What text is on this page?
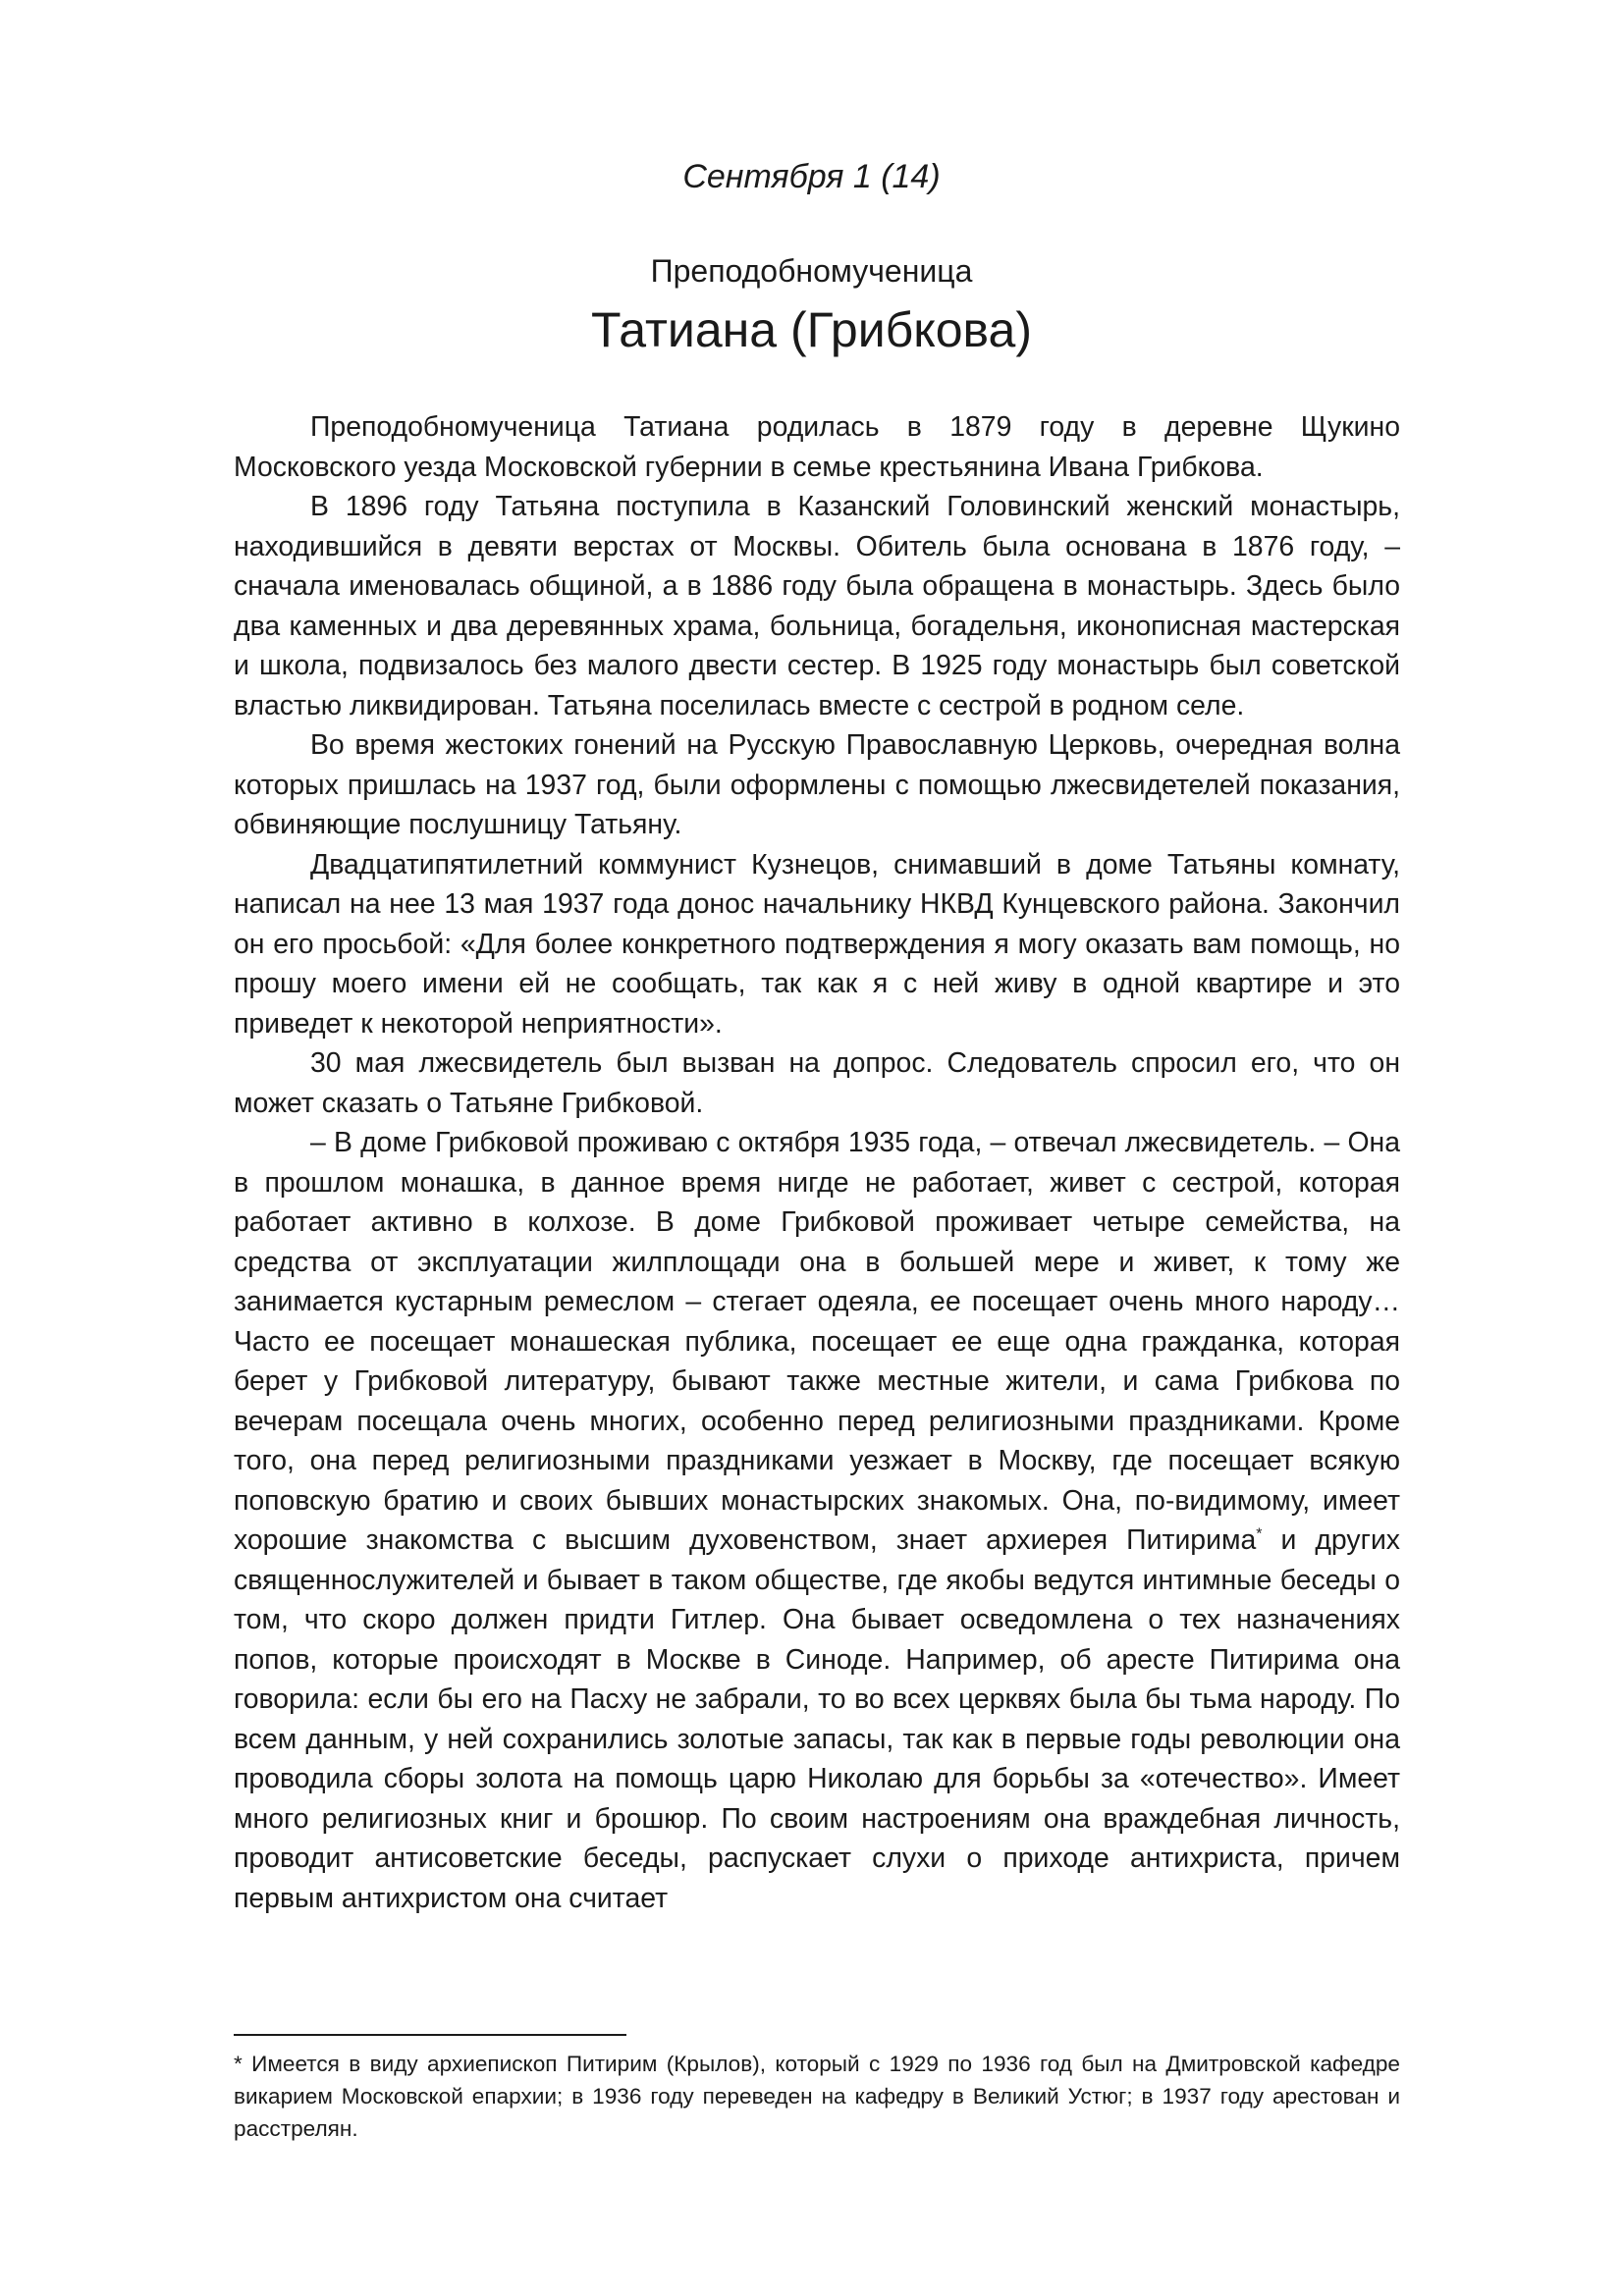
Сентября 1 (14)

Преподобномученица

Татиана (Грибкова)

Преподобномученица Татиана родилась в 1879 году в деревне Щукино Московского уезда Московской губернии в семье крестьянина Ивана Грибкова.

В 1896 году Татьяна поступила в Казанский Головинский женский монастырь, находившийся в девяти верстах от Москвы. Обитель была основана в 1876 году, – сначала именовалась общиной, а в 1886 году была обращена в монастырь. Здесь было два каменных и два деревянных храма, больница, богадельня, иконописная мастерская и школа, подвизалось без малого двести сестер. В 1925 году монастырь был советской властью ликвидирован. Татьяна поселилась вместе с сестрой в родном селе.

Во время жестоких гонений на Русскую Православную Церковь, очередная волна которых пришлась на 1937 год, были оформлены с помощью лжесвидетелей показания, обвиняющие послушницу Татьяну.

Двадцатипятилетний коммунист Кузнецов, снимавший в доме Татьяны комнату, написал на нее 13 мая 1937 года донос начальнику НКВД Кунцевского района. Закончил он его просьбой: «Для более конкретного подтверждения я могу оказать вам помощь, но прошу моего имени ей не сообщать, так как я с ней живу в одной квартире и это приведет к некоторой неприятности».

30 мая лжесвидетель был вызван на допрос. Следователь спросил его, что он может сказать о Татьяне Грибковой.

– В доме Грибковой проживаю с октября 1935 года, – отвечал лжесвидетель. – Она в прошлом монашка, в данное время нигде не работает, живет с сестрой, которая работает активно в колхозе. В доме Грибковой проживает четыре семейства, на средства от эксплуатации жилплощади она в большей мере и живет, к тому же занимается кустарным ремеслом – стегает одеяла, ее посещает очень много народу… Часто ее посещает монашеская публика, посещает ее еще одна гражданка, которая берет у Грибковой литературу, бывают также местные жители, и сама Грибкова по вечерам посещала очень многих, особенно перед религиозными праздниками. Кроме того, она перед религиозными праздниками уезжает в Москву, где посещает всякую поповскую братию и своих бывших монастырских знакомых. Она, по-видимому, имеет хорошие знакомства с высшим духовенством, знает архиерея Питирима* и других священнослужителей и бывает в таком обществе, где якобы ведутся интимные беседы о том, что скоро должен придти Гитлер. Она бывает осведомлена о тех назначениях попов, которые происходят в Москве в Синоде. Например, об аресте Питирима она говорила: если бы его на Пасху не забрали, то во всех церквях была бы тьма народу. По всем данным, у ней сохранились золотые запасы, так как в первые годы революции она проводила сборы золота на помощь царю Николаю для борьбы за «отечество». Имеет много религиозных книг и брошюр. По своим настроениям она враждебная личность, проводит антисоветские беседы, распускает слухи о приходе антихриста, причем первым антихристом она считает

* Имеется в виду архиепископ Питирим (Крылов), который с 1929 по 1936 год был на Дмитровской кафедре викарием Московской епархии; в 1936 году переведен на кафедру в Великий Устюг; в 1937 году арестован и расстрелян.
